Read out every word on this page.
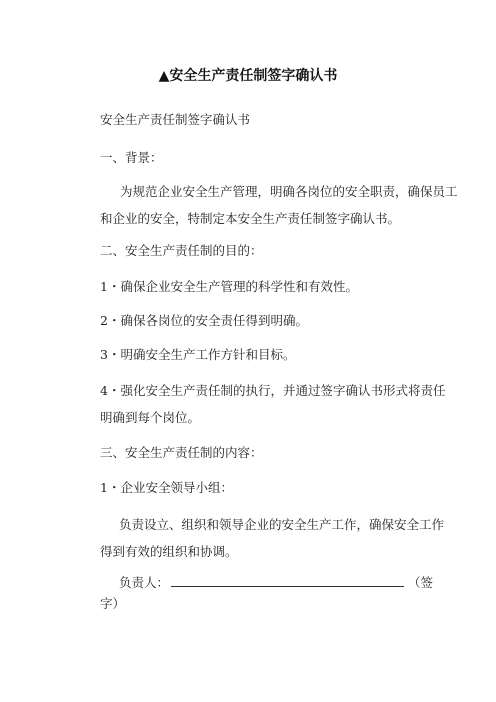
▲安全生产责任制签字确认书
安全生产责任制签字确认书
一、背景：
为规范企业安全生产管理，明确各岗位的安全职责，确保员工
和企业的安全，特制定本安全生产责任制签字确认书。
二、安全生产责任制的目的：
1・确保企业安全生产管理的科学性和有效性。
2・确保各岗位的安全责任得到明确。
3・明确安全生产工作方针和目标。
4・强化安全生产责任制的执行，并通过签字确认书形式将责任
明确到每个岗位。
三、安全生产责任制的内容：
1・企业安全领导小组：
负责设立、组织和领导企业的安全生产工作，确保安全工作
得到有效的组织和协调。
负责人：	（签
字）
